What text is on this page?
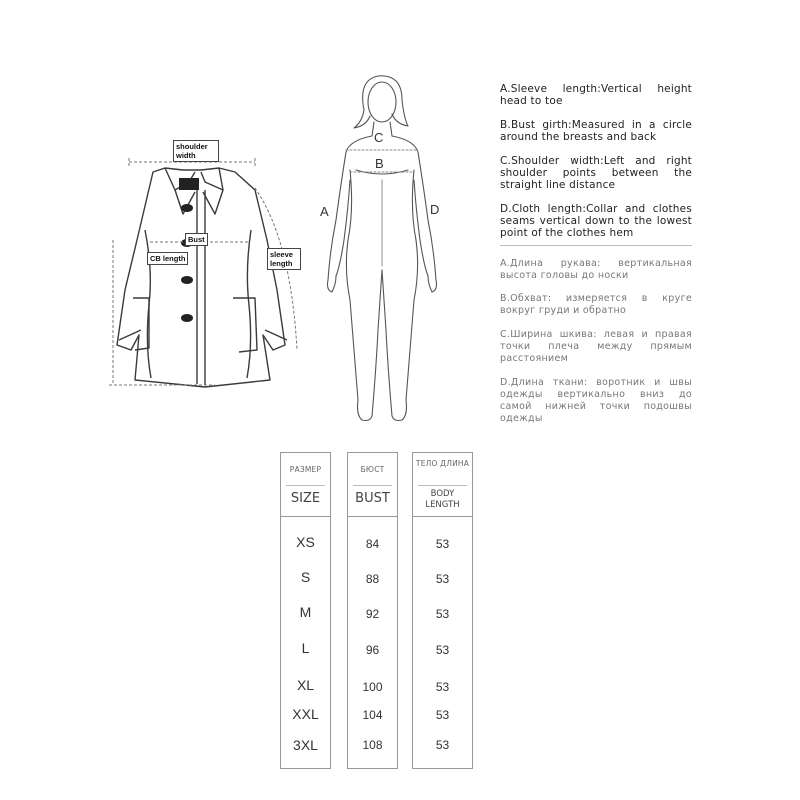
shoulder width
Bust
CB length	sleeve length
C
B
A	D

A.Sleeve length:Vertical height head to toe

B.Bust girth:Measured in a circle around the breasts and back

C.Shoulder width:Left and right shoulder points between the straight line distance

D.Cloth length:Collar and clothes seams vertical down to the lowest point of the clothes hem

A.Длина рукава: вертикальная высота головы до носки

B.Обхват: измеряется в круге вокруг груди и обратно

C.Ширина шкива: левая и правая точки плеча между прямым расстоянием

D.Длина ткани: воротник и швы одежды вертикально вниз до самой нижней точки подошвы одежды

РАЗМЕР
SIZE
XS
S
M
L
XL
XXL
3XL
БЮСТ
BUST
84
88
92
96
100
104
108
ТЕЛО ДЛИНА
BODY LENGTH
53
53
53
53
53
53
53
